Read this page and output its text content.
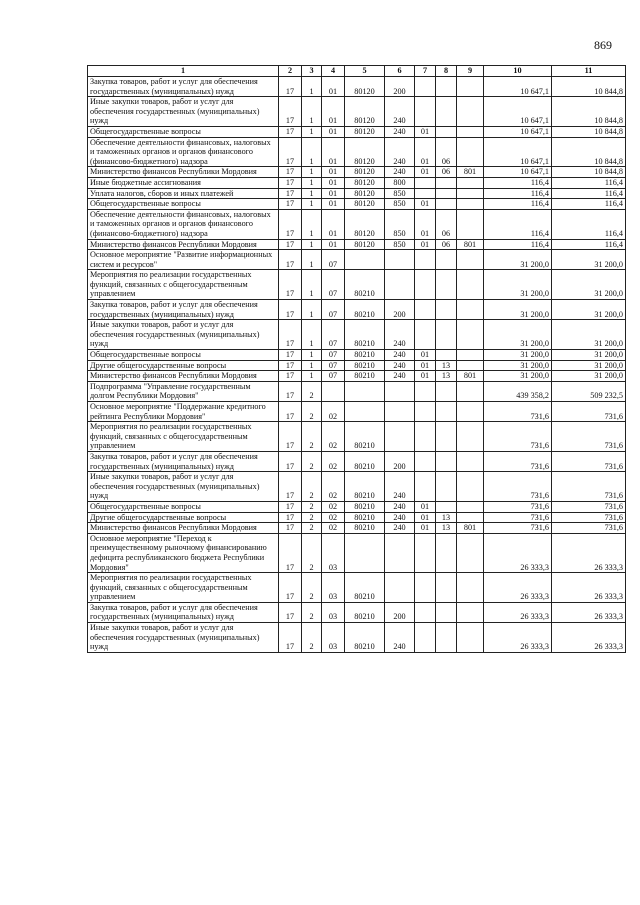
869
1	2	3	4	5	6	7	8	9	10	11
Закупка товаров, работ и услуг для обеспечения государственных (муниципальных) нужд	17	1	01	80120	200				10 647,1	10 844,8
Иные закупки товаров, работ и услуг для обеспечения государственных (муниципальных) нужд	17	1	01	80120	240				10 647,1	10 844,8
Общегосударственные вопросы	17	1	01	80120	240	01			10 647,1	10 844,8
Обеспечение деятельности финансовых, налоговых и таможенных органов и органов финансового (финансово-бюджетного) надзора	17	1	01	80120	240	01	06		10 647,1	10 844,8
Министерство финансов Республики Мордовия	17	1	01	80120	240	01	06	801	10 647,1	10 844,8
Иные бюджетные ассигнования	17	1	01	80120	800				116,4	116,4
Уплата налогов, сборов и иных платежей	17	1	01	80120	850				116,4	116,4
Общегосударственные вопросы	17	1	01	80120	850	01			116,4	116,4
Обеспечение деятельности финансовых, налоговых и таможенных органов и органов финансового (финансово-бюджетного) надзора	17	1	01	80120	850	01	06		116,4	116,4
Министерство финансов Республики Мордовия	17	1	01	80120	850	01	06	801	116,4	116,4
Основное мероприятие "Развитие информационных систем и ресурсов"	17	1	07						31 200,0	31 200,0
Мероприятия по реализации государственных функций, связанных с общегосударственным управлением	17	1	07	80210					31 200,0	31 200,0
Закупка товаров, работ и услуг для обеспечения государственных (муниципальных) нужд	17	1	07	80210	200				31 200,0	31 200,0
Иные закупки товаров, работ и услуг для обеспечения государственных (муниципальных) нужд	17	1	07	80210	240				31 200,0	31 200,0
Общегосударственные вопросы	17	1	07	80210	240	01			31 200,0	31 200,0
Другие общегосударственные вопросы	17	1	07	80210	240	01	13		31 200,0	31 200,0
Министерство финансов Республики Мордовия	17	1	07	80210	240	01	13	801	31 200,0	31 200,0
Подпрограмма "Управление государственным долгом Республики Мордовия"	17	2							439 358,2	509 232,5
Основное мероприятие "Поддержание кредитного рейтинга Республики Мордовия"	17	2	02						731,6	731,6
Мероприятия по реализации государственных функций, связанных с общегосударственным управлением	17	2	02	80210					731,6	731,6
Закупка товаров, работ и услуг для обеспечения государственных (муниципальных) нужд	17	2	02	80210	200				731,6	731,6
Иные закупки товаров, работ и услуг для обеспечения государственных (муниципальных) нужд	17	2	02	80210	240				731,6	731,6
Общегосударственные вопросы	17	2	02	80210	240	01			731,6	731,6
Другие общегосударственные вопросы	17	2	02	80210	240	01	13		731,6	731,6
Министерство финансов Республики Мордовия	17	2	02	80210	240	01	13	801	731,6	731,6
Основное мероприятие "Переход к преимущественному рыночному финансированию дефицита республиканского бюджета Республики Мордовия"	17	2	03						26 333,3	26 333,3
Мероприятия по реализации государственных функций, связанных с общегосударственным управлением	17	2	03	80210					26 333,3	26 333,3
Закупка товаров, работ и услуг для обеспечения государственных (муниципальных) нужд	17	2	03	80210	200				26 333,3	26 333,3
Иные закупки товаров, работ и услуг для обеспечения государственных (муниципальных) нужд	17	2	03	80210	240				26 333,3	26 333,3
